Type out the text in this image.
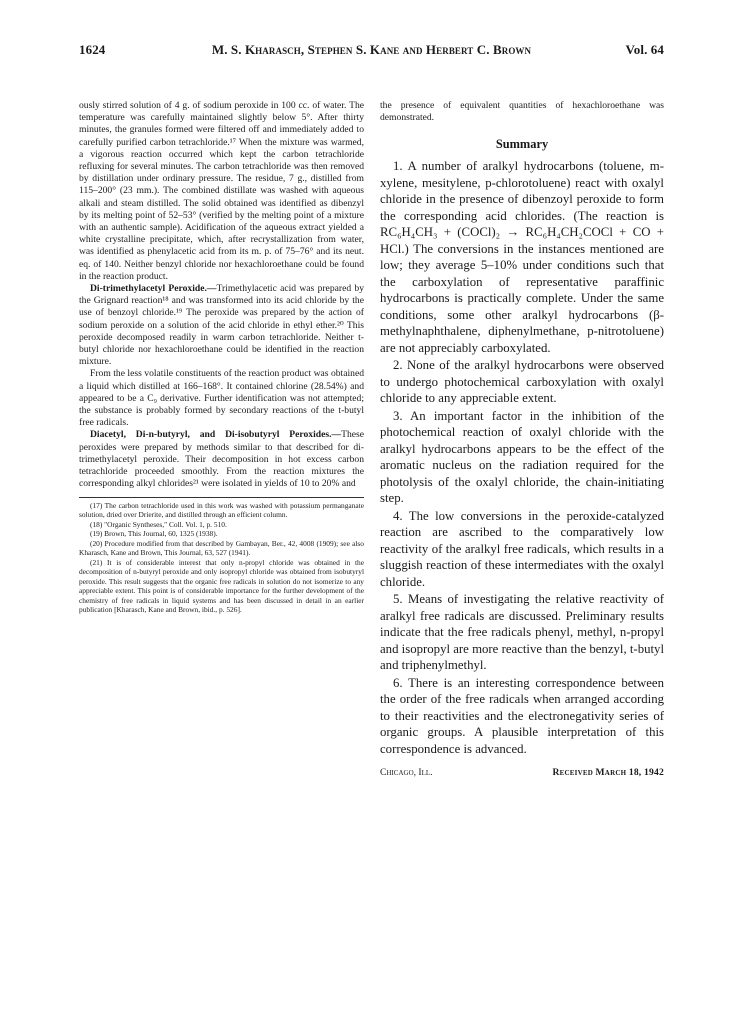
1624	M. S. Kharasch, Stephen S. Kane and Herbert C. Brown	Vol. 64

ously stirred solution of 4 g. of sodium peroxide in 100 cc. of water. The temperature was carefully maintained slightly below 5°. After thirty minutes, the granules formed were filtered off and immediately added to carefully purified carbon tetrachloride.¹⁷ When the mixture was warmed, a vigorous reaction occurred which kept the carbon tetrachloride refluxing for several minutes. The carbon tetrachloride was then removed by distillation under ordinary pressure. The residue, 7 g., distilled from 115–200° (23 mm.). The combined distillate was washed with aqueous alkali and steam distilled. The solid obtained was identified as dibenzyl by its melting point of 52–53° (verified by the melting point of a mixture with an authentic sample). Acidification of the aqueous extract yielded a white crystalline precipitate, which, after recrystallization from water, was identified as phenylacetic acid from its m. p. of 75–76° and its neut. eq. of 140. Neither benzyl chloride nor hexachloroethane could be found in the reaction product.

Di-trimethylacetyl Peroxide.—Trimethylacetic acid was prepared by the Grignard reaction¹⁸ and was transformed into its acid chloride by the use of benzoyl chloride.¹⁹ The peroxide was prepared by the action of sodium peroxide on a solution of the acid chloride in ethyl ether.²⁰ This peroxide decomposed readily in warm carbon tetrachloride. Neither t-butyl chloride nor hexachloroethane could be identified in the reaction mixture.

From the less volatile constituents of the reaction product was obtained a liquid which distilled at 166–168°. It contained chlorine (28.54%) and appeared to be a C₉ derivative. Further identification was not attempted; the substance is probably formed by secondary reactions of the t-butyl free radicals.

Diacetyl, Di-n-butyryl, and Di-isobutyryl Peroxides.—These peroxides were prepared by methods similar to that described for di-trimethylacetyl peroxide. Their decomposition in hot excess carbon tetrachloride proceeded smoothly. From the reaction mixtures the corresponding alkyl chlorides²¹ were isolated in yields of 10 to 20% and

(17) The carbon tetrachloride used in this work was washed with potassium permanganate solution, dried over Drierite, and distilled through an efficient column.

(18) "Organic Syntheses," Coll. Vol. 1, p. 510.

(19) Brown, This Journal, 60, 1325 (1938).

(20) Procedure modified from that described by Gambayan, Ber., 42, 4008 (1909); see also Kharasch, Kane and Brown, This Journal, 63, 527 (1941).

(21) It is of considerable interest that only n-propyl chloride was obtained in the decomposition of n-butyryl peroxide and only isopropyl chloride was obtained from isobutyryl peroxide. This result suggests that the organic free radicals in solution do not isomerize to any appreciable extent. This point is of considerable importance for the further development of the chemistry of free radicals in liquid systems and has been discussed in detail in an earlier publication [Kharasch, Kane and Brown, ibid., p. 526].

the presence of equivalent quantities of hexachloroethane was demonstrated.

Summary

1. A number of aralkyl hydrocarbons (toluene, m-xylene, mesitylene, p-chlorotoluene) react with oxalyl chloride in the presence of dibenzoyl peroxide to form the corresponding acid chlorides. (The reaction is RC₆H₄CH₃ + (COCl)₂ → RC₆H₄CH₂COCl + CO + HCl.) The conversions in the instances mentioned are low; they average 5–10% under conditions such that the carboxylation of representative paraffinic hydrocarbons is practically complete. Under the same conditions, some other aralkyl hydrocarbons (β-methylnaphthalene, diphenylmethane, p-nitrotoluene) are not appreciably carboxylated.

2. None of the aralkyl hydrocarbons were observed to undergo photochemical carboxylation with oxalyl chloride to any appreciable extent.

3. An important factor in the inhibition of the photochemical reaction of oxalyl chloride with the aralkyl hydrocarbons appears to be the effect of the aromatic nucleus on the radiation required for the photolysis of the oxalyl chloride, the chain-initiating step.

4. The low conversions in the peroxide-catalyzed reaction are ascribed to the comparatively low reactivity of the aralkyl free radicals, which results in a sluggish reaction of these intermediates with the oxalyl chloride.

5. Means of investigating the relative reactivity of aralkyl free radicals are discussed. Preliminary results indicate that the free radicals phenyl, methyl, n-propyl and isopropyl are more reactive than the benzyl, t-butyl and triphenylmethyl.

6. There is an interesting correspondence between the order of the free radicals when arranged according to their reactivities and the electronegativity series of organic groups. A plausible interpretation of this correspondence is advanced.

Chicago, Ill.	Received March 18, 1942
